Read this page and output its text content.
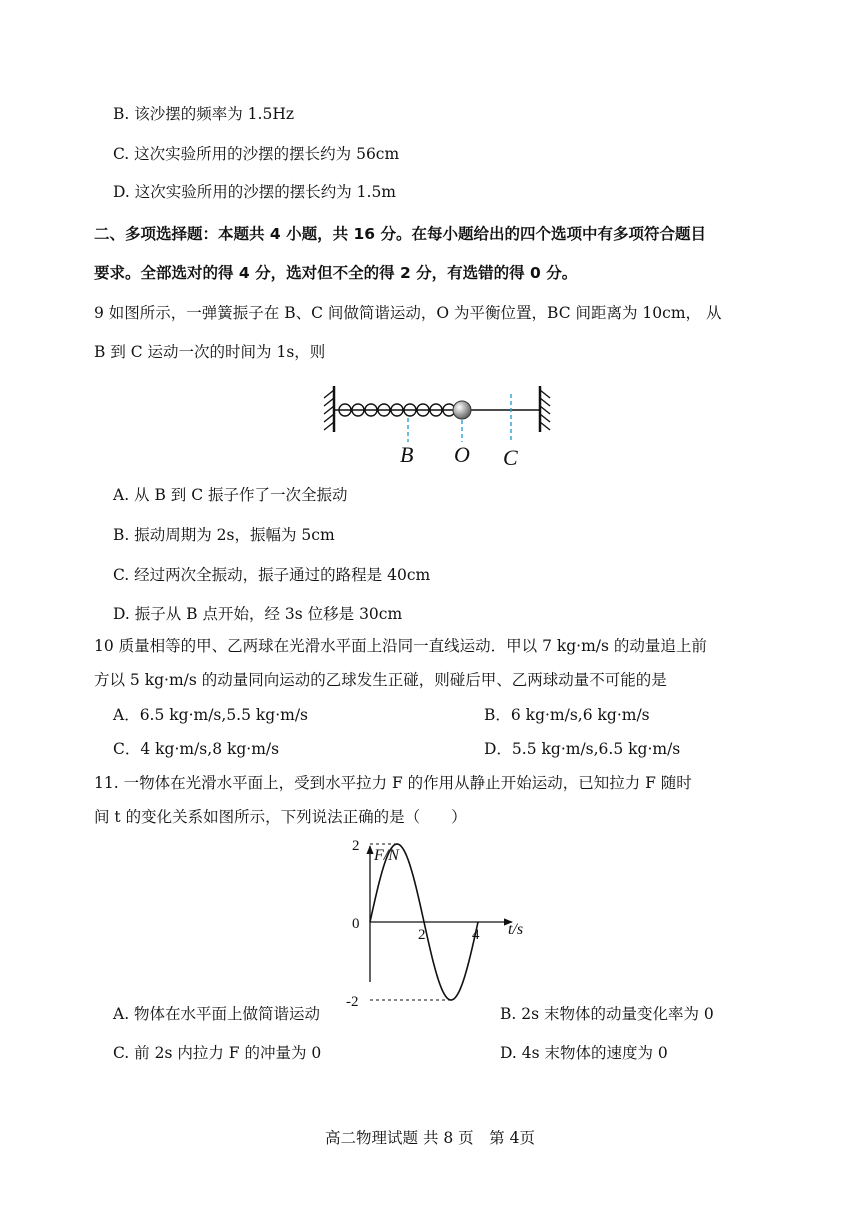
B. 该沙摆的频率为 1.5Hz
C. 这次实验所用的沙摆的摆长约为 56cm
D. 这次实验所用的沙摆的摆长约为 1.5m
二、多项选择题：本题共 4 小题，共 16 分。在每小题给出的四个选项中有多项符合题目
要求。全部选对的得 4 分，选对但不全的得 2 分，有选错的得 0 分。
9 如图所示，一弹簧振子在 B、C 间做简谐运动，O 为平衡位置，BC 间距离为 10cm， 从
B 到 C 运动一次的时间为 1s，则
B O C
A. 从 B 到 C 振子作了一次全振动
B. 振动周期为 2s，振幅为 5cm
C. 经过两次全振动，振子通过的路程是 40cm
D. 振子从 B 点开始，经 3s 位移是 30cm
10 质量相等的甲、乙两球在光滑水平面上沿同一直线运动．甲以 7 kg·m/s 的动量追上前
方以 5 kg·m/s 的动量同向运动的乙球发生正碰，则碰后甲、乙两球动量不可能的是
A．6.5 kg·m/s,5.5 kg·m/s	B．6 kg·m/s,6 kg·m/s
C．4 kg·m/s,8 kg·m/s	D．5.5 kg·m/s,6.5 kg·m/s
11. 一物体在光滑水平面上，受到水平拉力 F 的作用从静止开始运动，已知拉力 F 随时
间 t 的变化关系如图所示，下列说法正确的是（　　）
F/N
t/s
2
0
-2
2	4
A. 物体在水平面上做简谐运动	B. 2s 末物体的动量变化率为 0
C. 前 2s 内拉力 F 的冲量为 0	D. 4s 末物体的速度为 0
高二物理试题 共 8 页　第 4页
